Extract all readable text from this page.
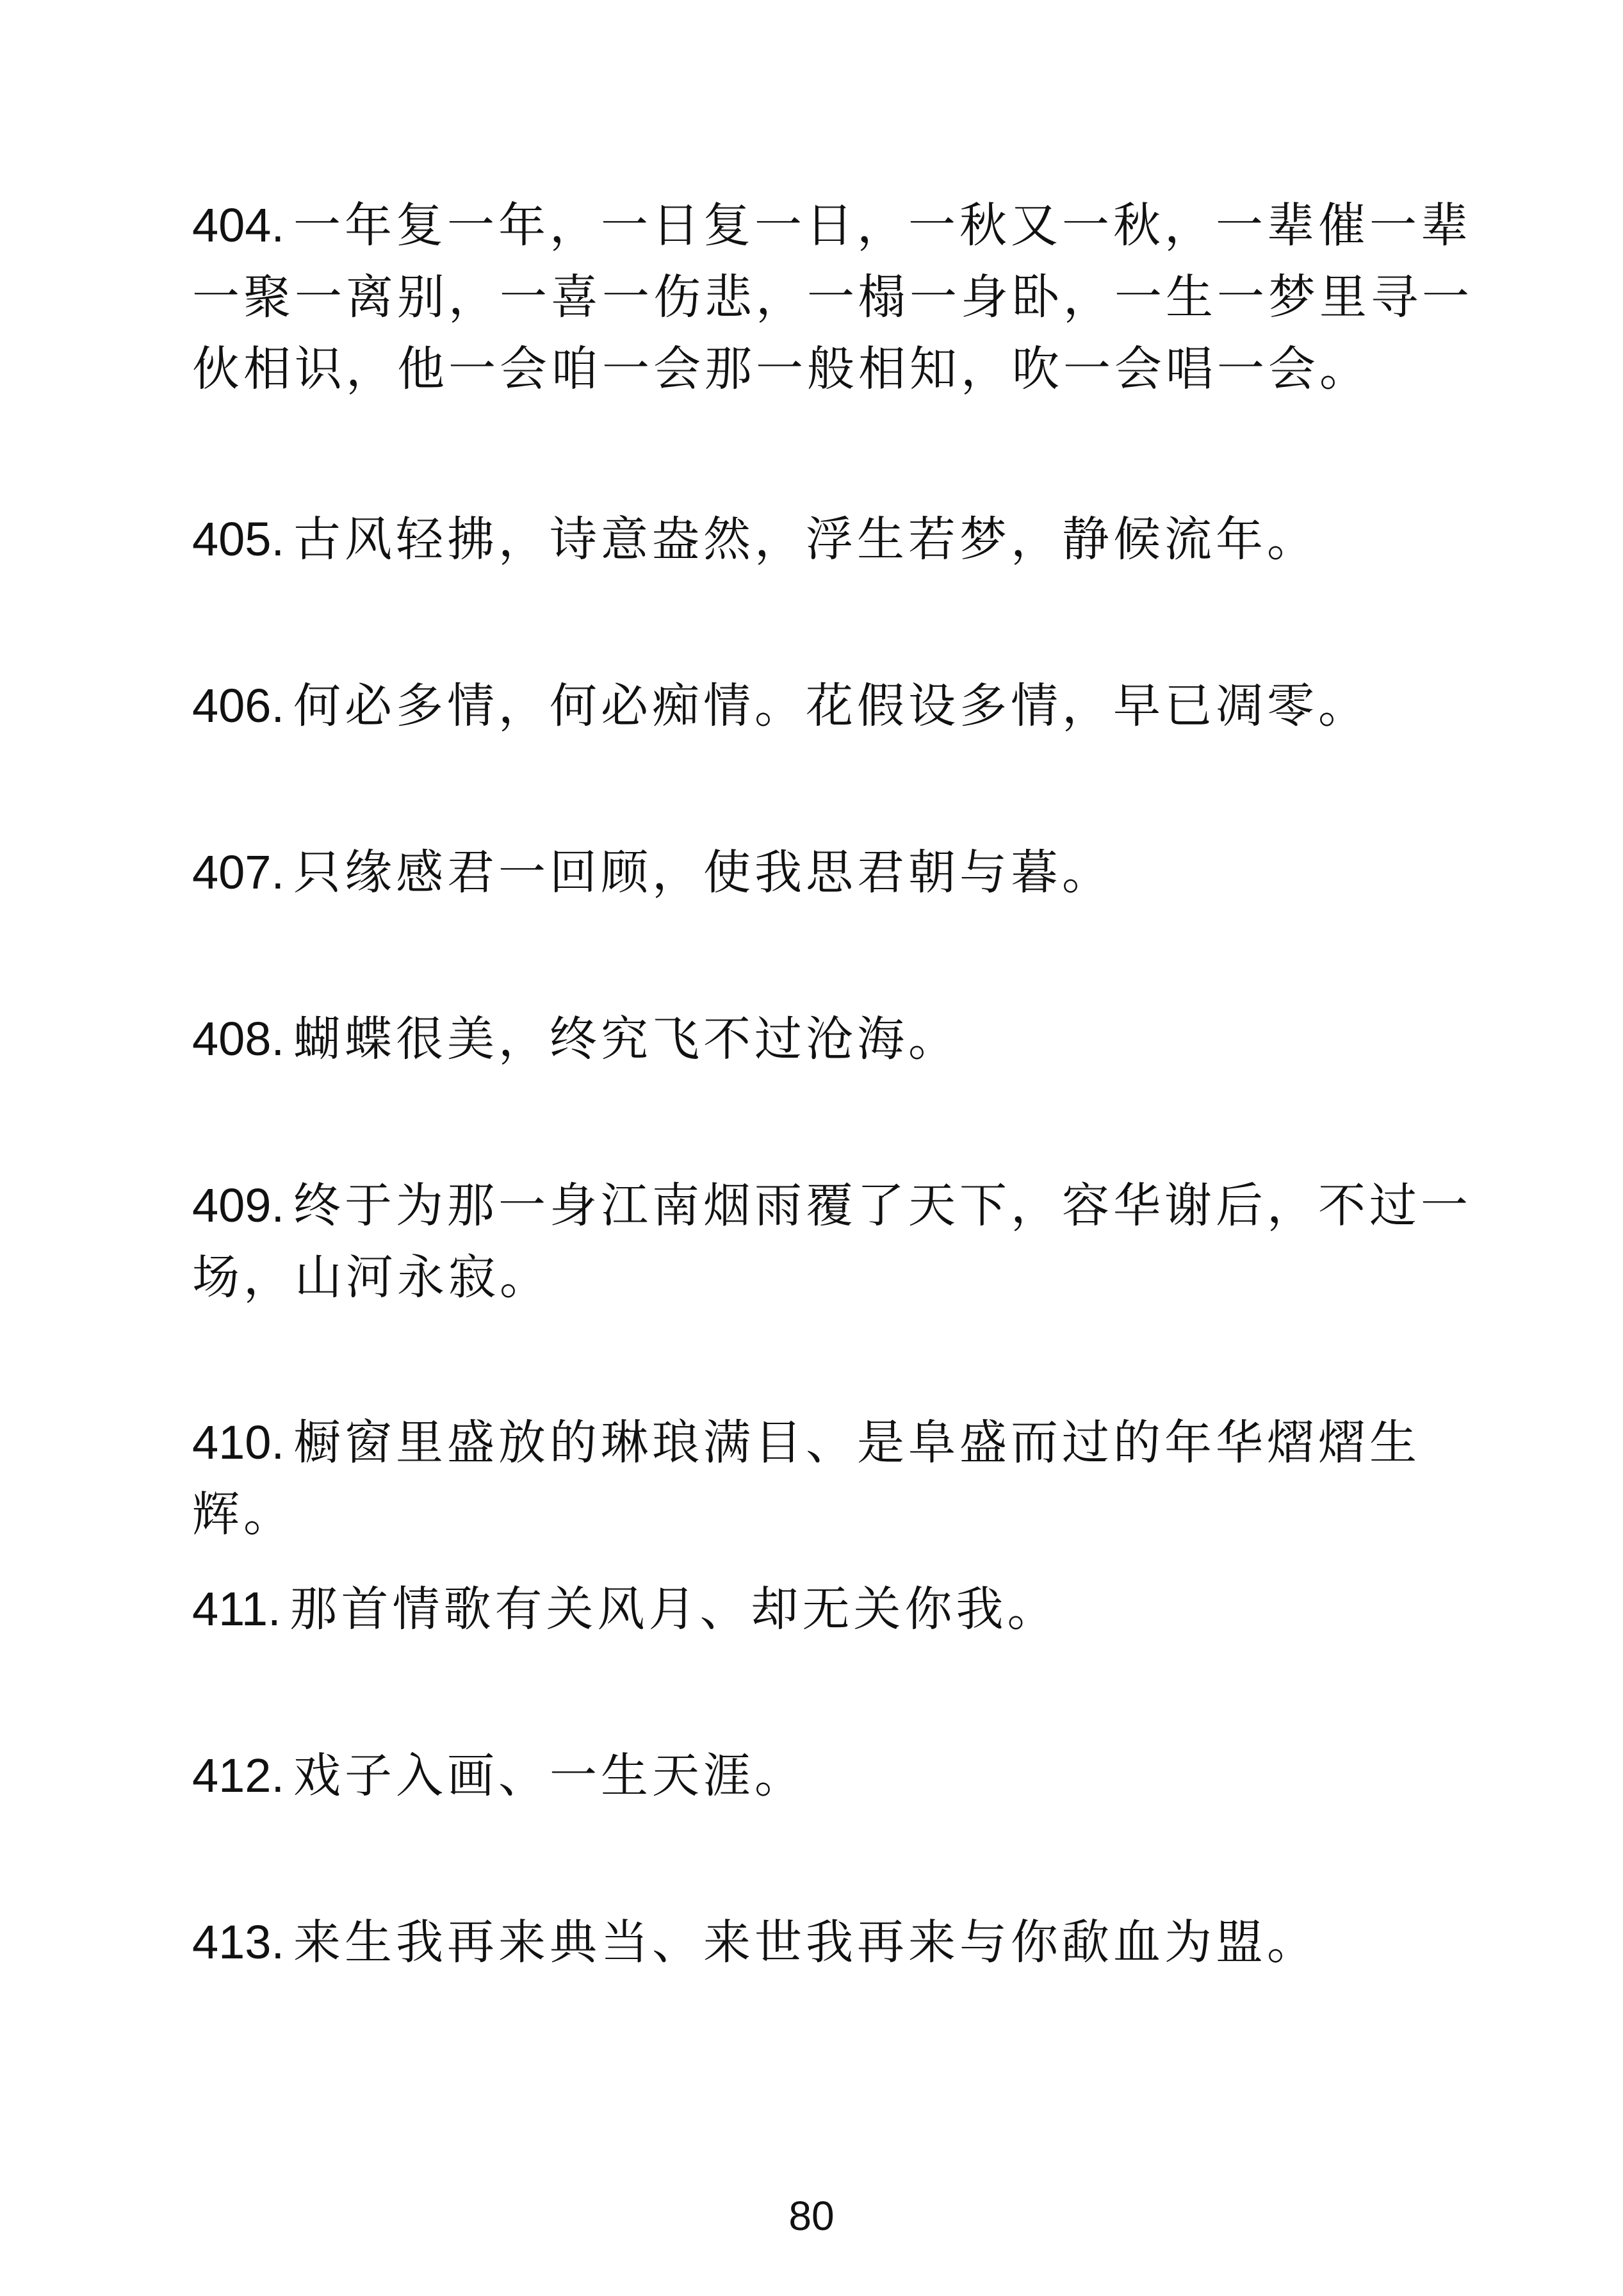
404. 一年复一年，一日复一日，一秋又一秋，一辈催一辈一聚一离别，一喜一伤悲，一榻一身卧，一生一梦里寻一伙相识，他一会咱一会那一般相知，吹一会唱一会。
405. 古风轻拂，诗意盎然，浮生若梦，静候流年。
406. 何必多情，何必痴情。花假设多情，早已凋零。
407. 只缘感君一回顾，使我思君朝与暮。
408. 蝴蝶很美，终究飞不过沧海。
409. 终于为那一身江南烟雨覆了天下，容华谢后，不过一场，山河永寂。
410. 橱窗里盛放的琳琅满目、是阜盛而过的年华熠熠生辉。
411. 那首情歌有关风月、却无关你我。
412. 戏子入画、一生天涯。
413. 来生我再来典当、来世我再来与你歃血为盟。
80
